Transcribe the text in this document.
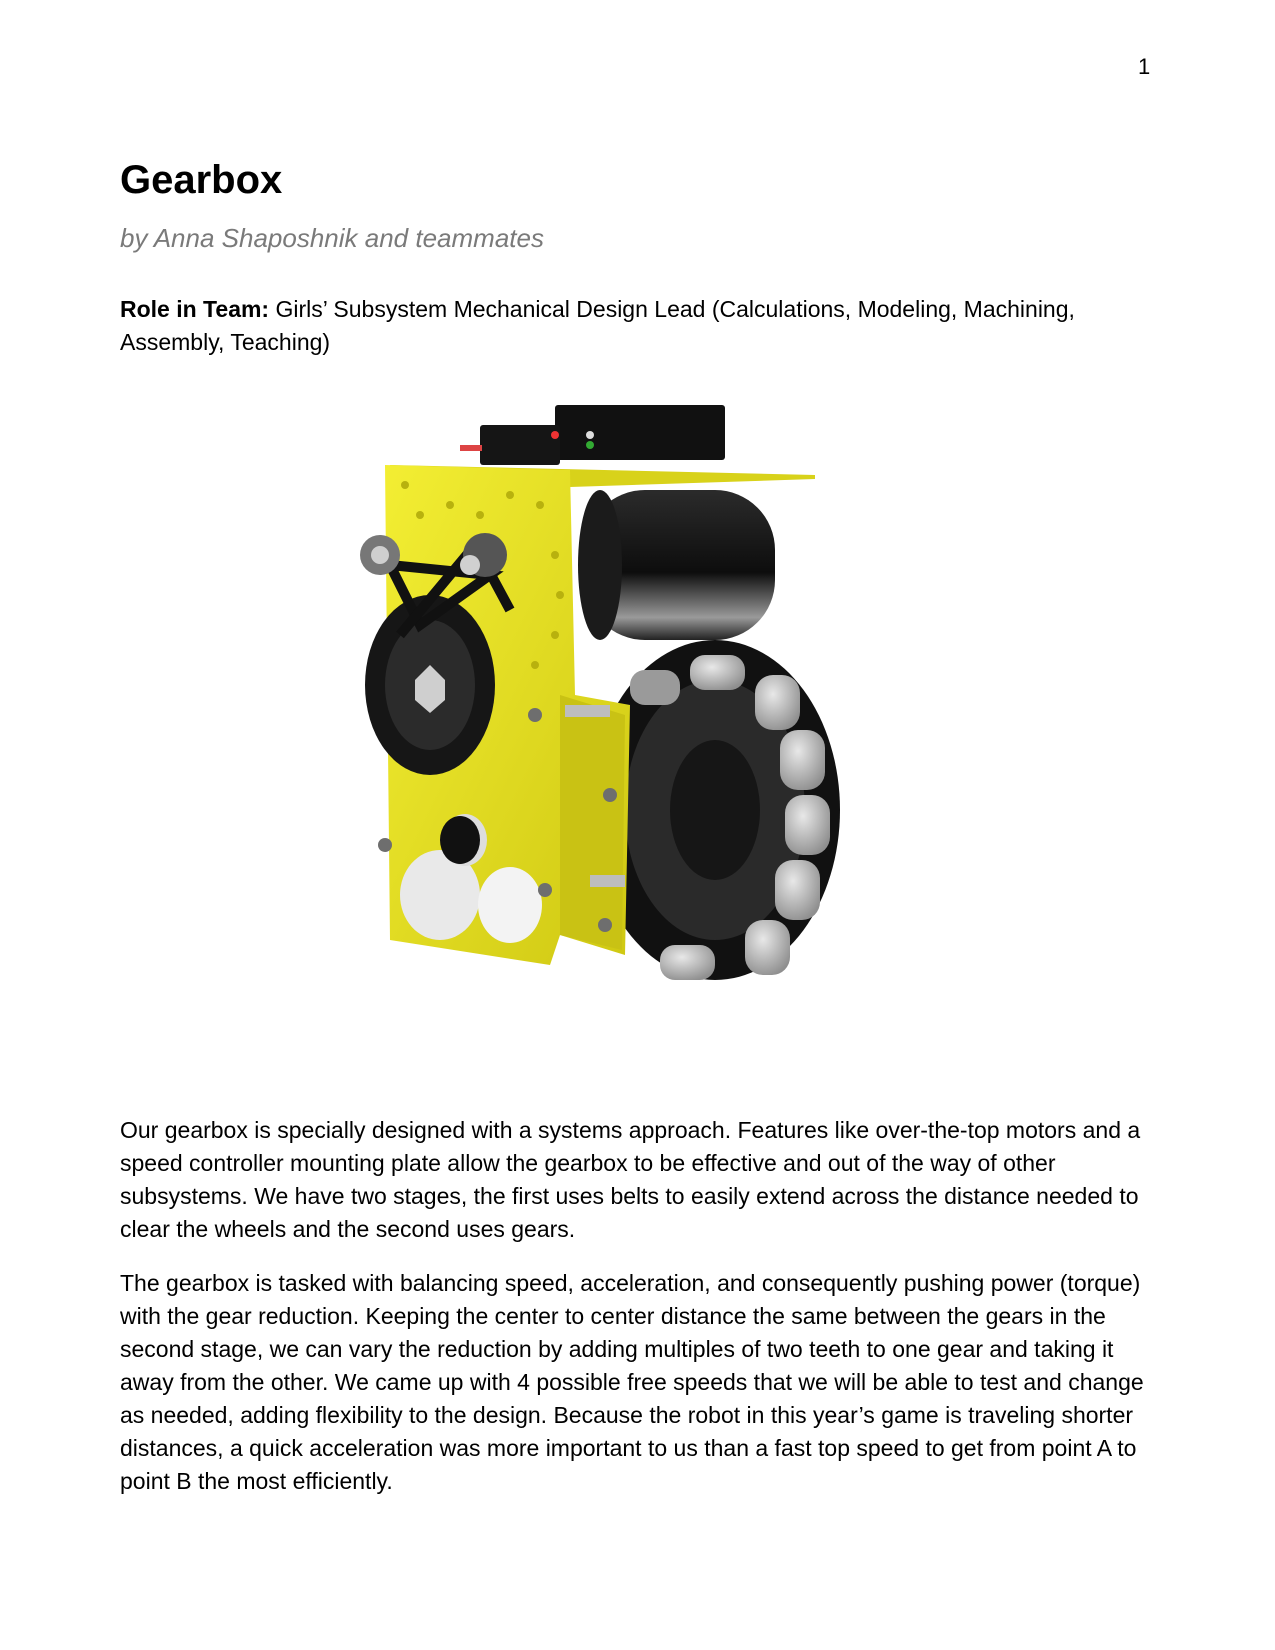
1
Gearbox

by Anna Shaposhnik and teammates

Role in Team: Girls’ Subsystem Mechanical Design Lead (Calculations, Modeling, Machining, Assembly, Teaching)

Our gearbox is specially designed with a systems approach. Features like over-the-top motors and a speed controller mounting plate allow the gearbox to be effective and out of the way of other subsystems. We have two stages, the first uses belts to easily extend across the distance needed to clear the wheels and the second uses gears.

The gearbox is tasked with balancing speed, acceleration, and consequently pushing power (torque) with the gear reduction. Keeping the center to center distance the same between the gears in the second stage, we can vary the reduction by adding multiples of two teeth to one gear and taking it away from the other. We came up with 4 possible free speeds that we will be able to test and change as needed, adding flexibility to the design. Because the robot in this year’s game is traveling shorter distances, a quick acceleration was more important to us than a fast top speed to get from point A to point B the most efficiently.
